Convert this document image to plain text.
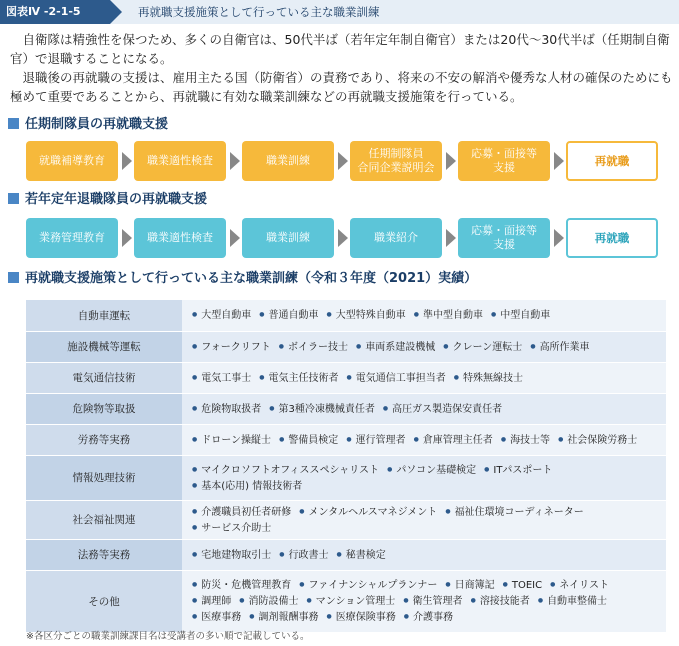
図表Ⅳ -2-1-5	再就職支援施策として行っている主な職業訓練

自衛隊は精強性を保つため、多くの自衛官は、50代半ば（若年定年制自衛官）または20代～30代半ば（任期制自衛官）で退職することになる。

退職後の再就職の支援は、雇用主たる国（防衛省）の責務であり、将来の不安の解消や優秀な人材の確保のためにも極めて重要であることから、再就職に有効な職業訓練などの再就職支援施策を行っている。

任期制隊員の再就職支援
就職補導教育	職業適性検査	職業訓練
任期制隊員
合同企業説明会
応募・面接等
支援	再就職
若年定年退職隊員の再就職支援
業務管理教育	職業適性検査	職業訓練	職業紹介
応募・面接等
支援	再就職
再就職支援施策として行っている主な職業訓練（令和３年度（2021）実績）
自動車運転	● 大型自動車 ● 普通自動車 ● 大型特殊自動車 ● 準中型自動車 ● 中型自動車
施設機械等運転	● フォークリフト ● ボイラー技士 ● 車両系建設機械 ● クレーン運転士 ● 高所作業車
電気通信技術	● 電気工事士 ● 電気主任技術者 ● 電気通信工事担当者 ● 特殊無線技士
危険物等取扱	● 危険物取扱者 ● 第3種冷凍機械責任者 ● 高圧ガス製造保安責任者
労務等実務	● ドローン操縦士 ● 警備員検定 ● 運行管理者 ● 倉庫管理主任者 ● 海技士等 ● 社会保険労務士
情報処理技術	● マイクロソフトオフィススペシャリスト ● パソコン基礎検定 ● ITパスポート● 基本(応用) 情報技術者
社会福祉関連	● 介護職員初任者研修 ● メンタルヘルスマネジメント ● 福祉住環境コーディネーター● サービス介助士
法務等実務	● 宅地建物取引士 ● 行政書士 ● 秘書検定
その他	● 防災・危機管理教育 ● ファイナンシャルプランナー ● 日商簿記 ● TOEIC ● ネイリスト● 調理師 ● 消防設備士 ● マンション管理士 ● 衛生管理者 ● 溶接技能者 ● 自動車整備士● 医療事務 ● 調剤報酬事務 ● 医療保険事務 ● 介護事務
※各区分ごとの職業訓練課目名は受講者の多い順で記載している。
